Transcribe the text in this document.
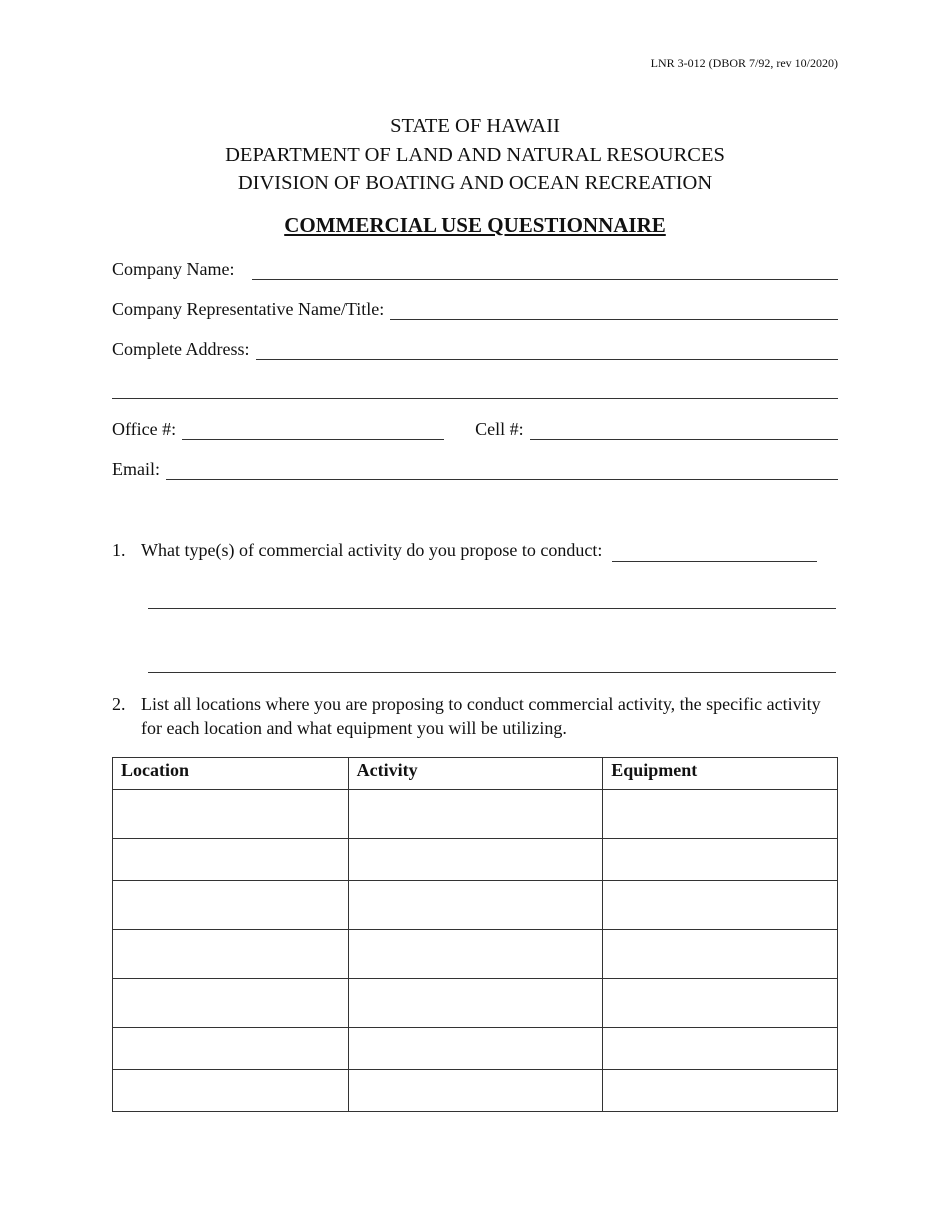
LNR 3-012 (DBOR 7/92, rev 10/2020)
STATE OF HAWAII
DEPARTMENT OF LAND AND NATURAL RESOURCES
DIVISION OF BOATING AND OCEAN RECREATION
COMMERCIAL USE QUESTIONNAIRE
Company Name:
Company Representative Name/Title:
Complete Address:
Office #:	Cell #:
Email:
1. What type(s) of commercial activity do you propose to conduct:
2. List all locations where you are proposing to conduct commercial activity, the specific activity for each location and what equipment you will be utilizing.
Location	Activity	Equipment
